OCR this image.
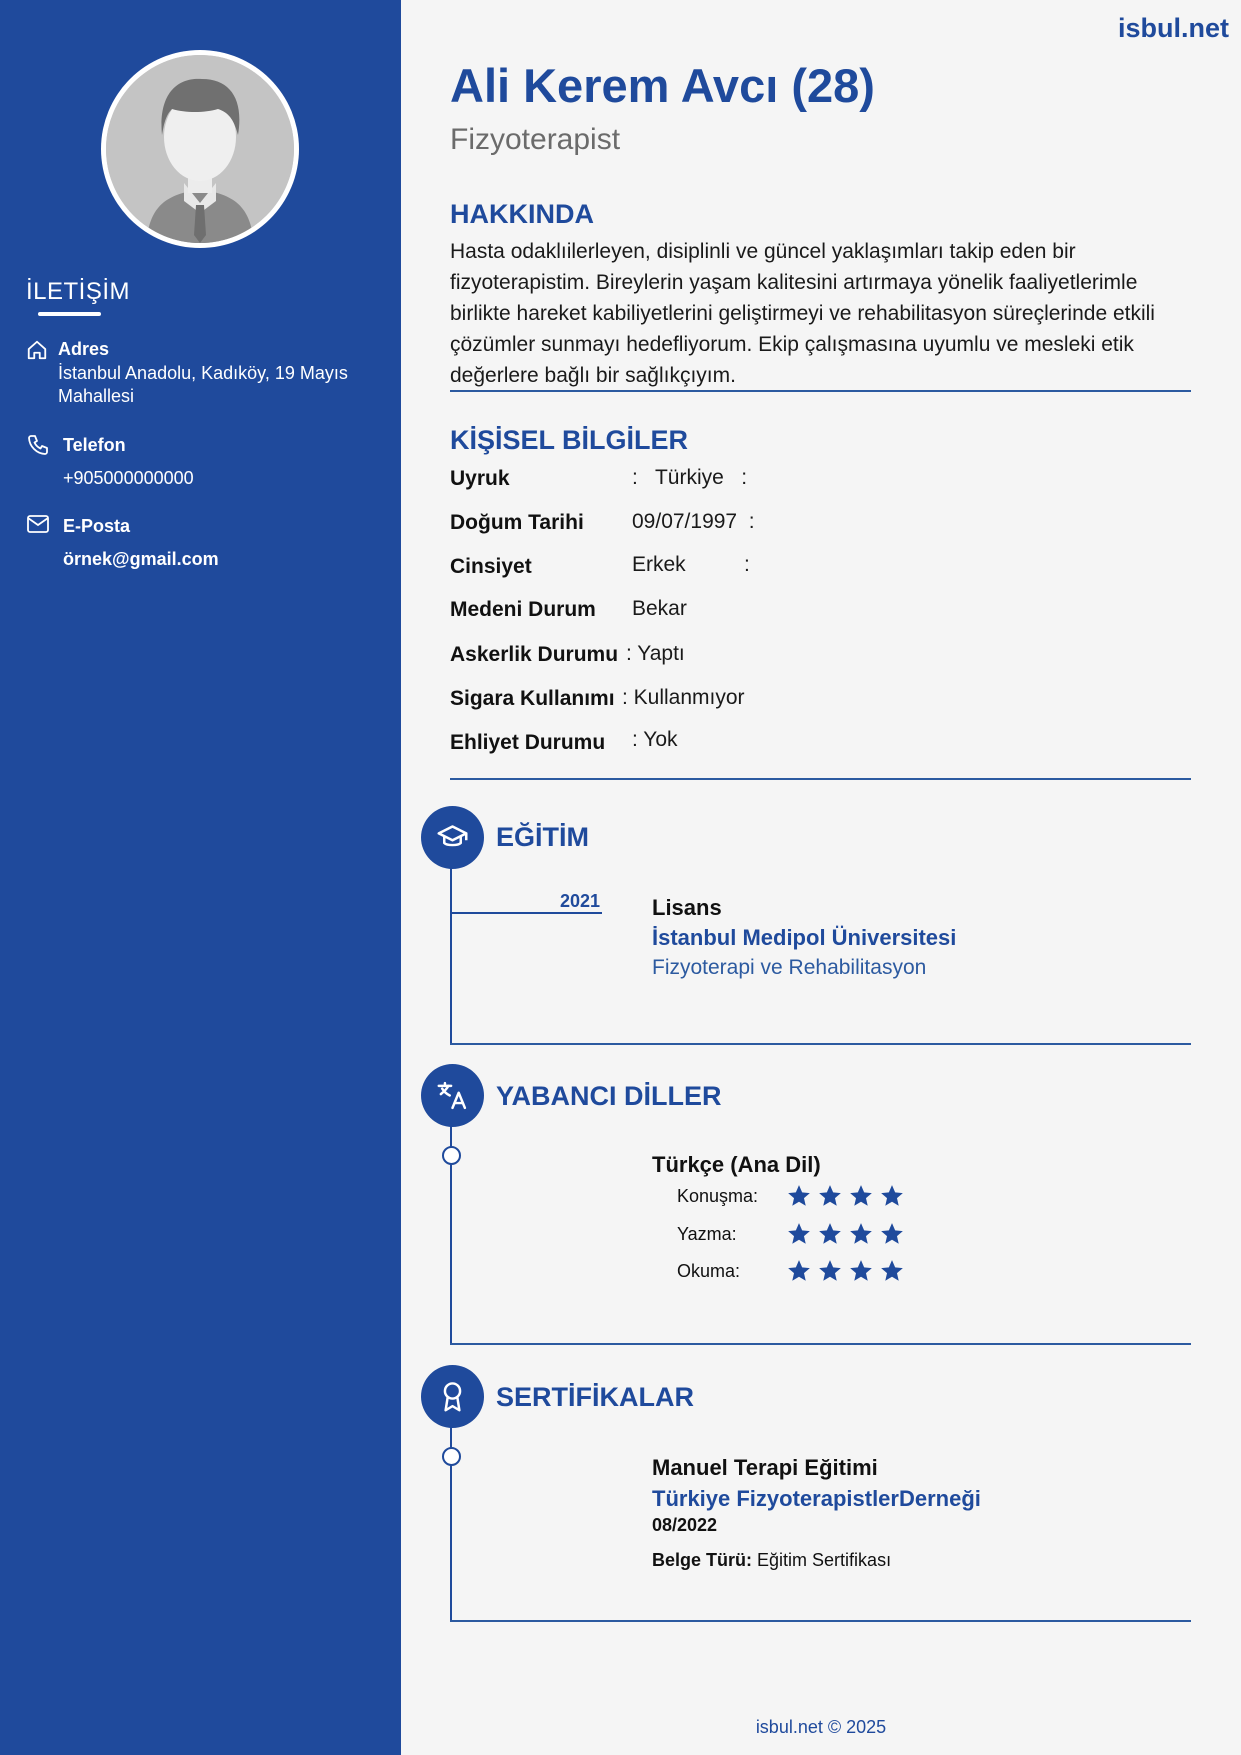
İLETİŞİM
Adres
İstanbul Anadolu, Kadıköy, 19 Mayıs
Mahallesi
Telefon
+905000000000
E-Posta
örnek@gmail.com
isbul.net
Ali Kerem Avcı (28)
Fizyoterapist
HAKKINDA
Hasta odaklıilerleyen, disiplinli ve güncel yaklaşımları takip eden bir fizyoterapistim. Bireylerin yaşam kalitesini artırmaya yönelik faaliyetlerimle birlikte hareket kabiliyetlerini geliştirmeyi ve rehabilitasyon süreçlerinde etkili çözümler sunmayı hedefliyorum. Ekip çalışmasına uyumlu ve mesleki etik değerlere bağlı bir sağlıkçıyım.
KİŞİSEL BİLGİLER
Uyruk	:   Türkiye   :
Doğum Tarihi 09/07/1997  :
Cinsiyet	Erkek          :
Medeni Durum Bekar
Askerlik Durumu : Yaptı
Sigara Kullanımı : Kullanmıyor
Ehliyet Durumu : Yok
EĞİTİM
2021 Lisans
İstanbul Medipol Üniversitesi
Fizyoterapi ve Rehabilitasyon
YABANCI DİLLER
Türkçe (Ana Dil)
Konuşma:
Yazma:
Okuma:
SERTİFİKALAR
Manuel Terapi Eğitimi
Türkiye FizyoterapistlerDerneği
08/2022
Belge Türü: Eğitim Sertifikası
isbul.net © 2025
